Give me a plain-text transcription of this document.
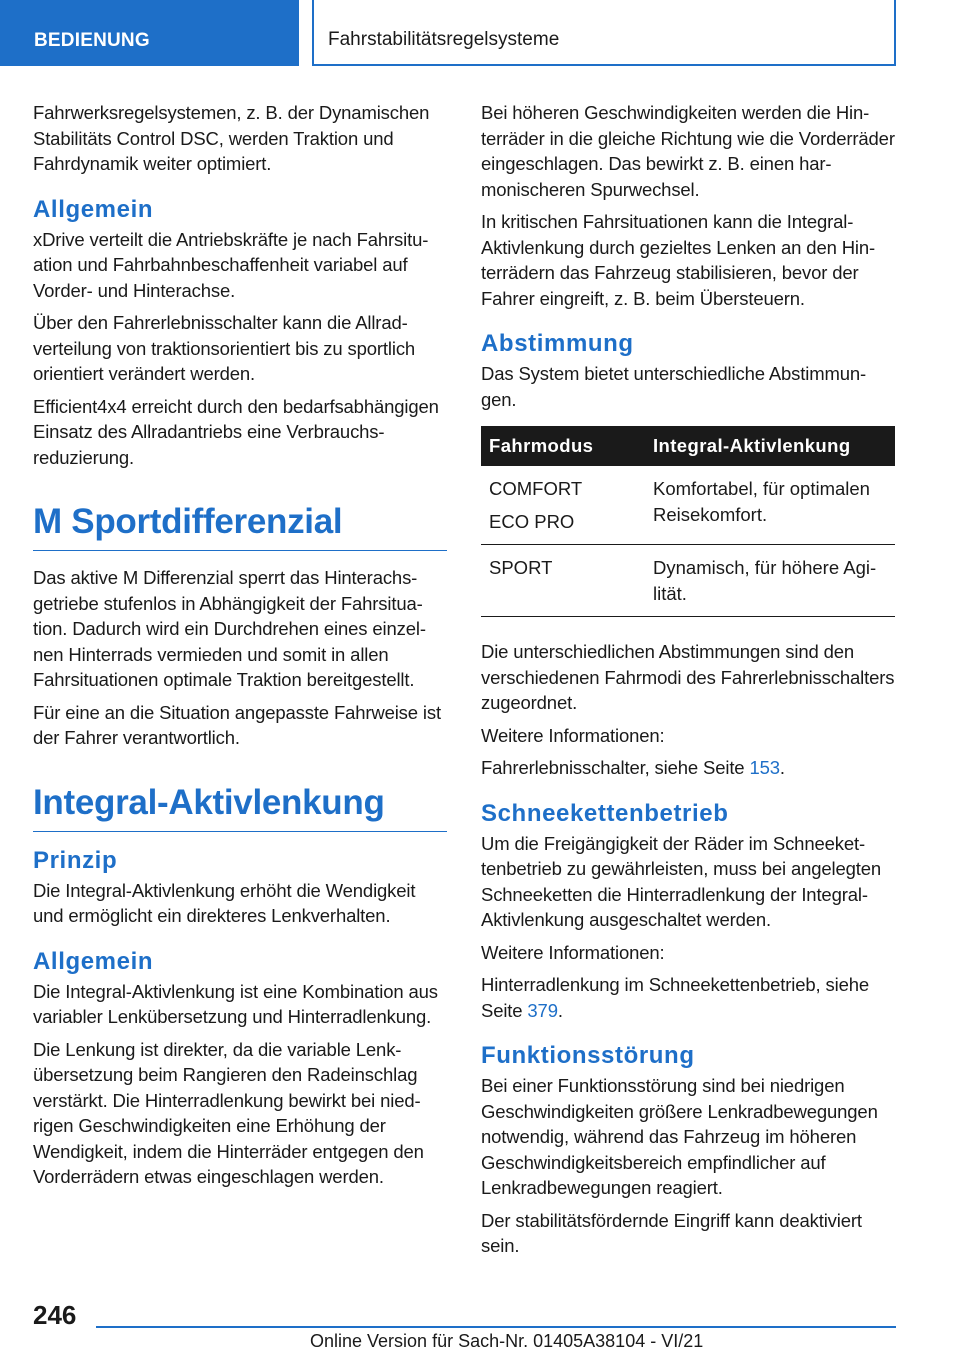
BEDIENUNG	Fahrstabilitätsregelsysteme

Fahrwerksregelsystemen, z. B. der Dynamischen Stabilitäts Control DSC, werden Traktion und Fahrdynamik weiter optimiert.

Allgemein

xDrive verteilt die Antriebskräfte je nach Fahrsituation und Fahrbahnbeschaffenheit variabel auf Vorder- und Hinterachse.

Über den Fahrerlebnisschalter kann die Allradverteilung von traktionsorientiert bis zu sportlich orientiert verändert werden.

Efficient4x4 erreicht durch den bedarfsabhängigen Einsatz des Allradantriebs eine Verbrauchsreduzierung.

M Sportdifferenzial

Das aktive M Differenzial sperrt das Hinterachsgetriebe stufenlos in Abhängigkeit der Fahrsituation. Dadurch wird ein Durchdrehen eines einzelnen Hinterrads vermieden und somit in allen Fahrsituationen optimale Traktion bereitgestellt.

Für eine an die Situation angepasste Fahrweise ist der Fahrer verantwortlich.

Integral-Aktivlenkung
Prinzip

Die Integral-Aktivlenkung erhöht die Wendigkeit und ermöglicht ein direkteres Lenkverhalten.

Allgemein

Die Integral-Aktivlenkung ist eine Kombination aus variabler Lenkübersetzung und Hinterradlenkung.

Die Lenkung ist direkter, da die variable Lenkübersetzung beim Rangieren den Radeinschlag verstärkt. Die Hinterradlenkung bewirkt bei niedrigen Geschwindigkeiten eine Erhöhung der Wendigkeit, indem die Hinterräder entgegen den Vorderrädern etwas eingeschlagen werden.

Bei höheren Geschwindigkeiten werden die Hinterräder in die gleiche Richtung wie die Vorderräder eingeschlagen. Das bewirkt z. B. einen harmonischeren Spurwechsel.

In kritischen Fahrsituationen kann die Integral-Aktivlenkung durch gezieltes Lenken an den Hinterrädern das Fahrzeug stabilisieren, bevor der Fahrer eingreift, z. B. beim Übersteuern.

Abstimmung

Das System bietet unterschiedliche Abstimmungen.

Fahrmodus	Integral-Aktivlenkung

COMFORT
ECO PRO	Komfortabel, für optimalen Reisekomfort.

SPORT	Dynamisch, für höhere Agilität.

Die unterschiedlichen Abstimmungen sind den verschiedenen Fahrmodi des Fahrerlebnisschalters zugeordnet.

Weitere Informationen:

Fahrerlebnisschalter, siehe Seite 153.

Schneekettenbetrieb

Um die Freigängigkeit der Räder im Schneekettenbetrieb zu gewährleisten, muss bei angelegten Schneeketten die Hinterradlenkung der Integral-Aktivlenkung ausgeschaltet werden.

Weitere Informationen:

Hinterradlenkung im Schneekettenbetrieb, siehe Seite 379.

Funktionsstörung

Bei einer Funktionsstörung sind bei niedrigen Geschwindigkeiten größere Lenkradbewegungen notwendig, während das Fahrzeug im höheren Geschwindigkeitsbereich empfindlicher auf Lenkradbewegungen reagiert.

Der stabilitätsfördernde Eingriff kann deaktiviert sein.

246
Online Version für Sach-Nr. 01405A38104 - VI/21
